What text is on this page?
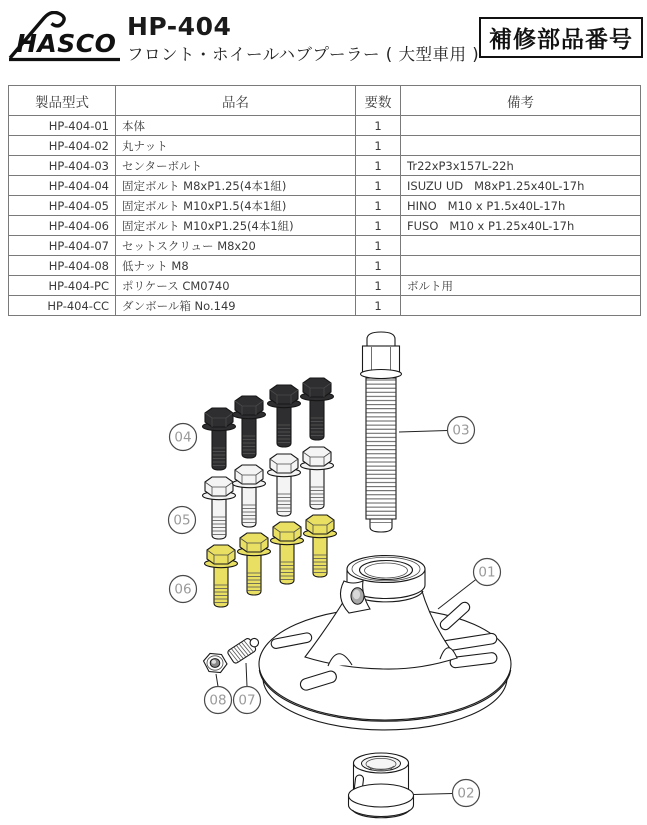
HASCO
HP-404
フロント・ホイールハブプーラー ( 大型車用 )
補修部品番号
製品型式	品名	要数	備考
HP-404-01	本体	1	
HP-404-02	丸ナット	1	
HP-404-03	センターボルト	1	Tr22xP3x157L-22h
HP-404-04	固定ボルト M8xP1.25(4本1組)	1	ISUZU UD   M8xP1.25x40L-17h
HP-404-05	固定ボルト M10xP1.5(4本1組)	1	HINO   M10 x P1.5x40L-17h
HP-404-06	固定ボルト M10xP1.25(4本1組)	1	FUSO   M10 x P1.25x40L-17h
HP-404-07	セットスクリュー M8x20	1	
HP-404-08	低ナット M8	1	
HP-404-PC	ポリケース CM0740	1	ボルト用
HP-404-CC	ダンボール箱 No.149	1	
01
02
03
04
05
06
07
08
